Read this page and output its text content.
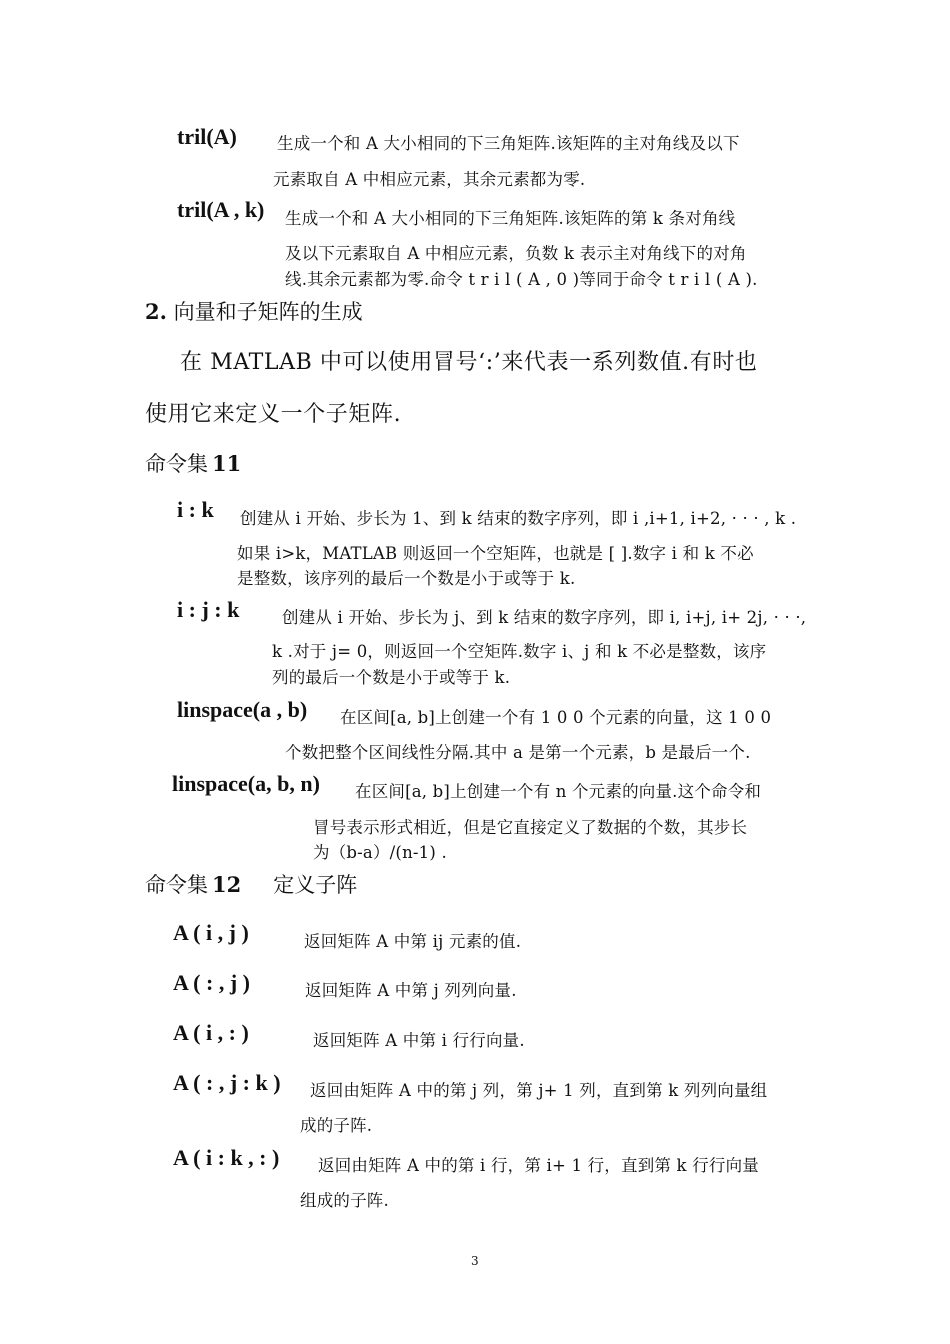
tril(A) 生成一个和 A 大小相同的下三角矩阵.该矩阵的主对角线及以下
元素取自 A 中相应元素，其余元素都为零.
tril(A , k) 生成一个和 A 大小相同的下三角矩阵.该矩阵的第 k 条对角线
及以下元素取自 A 中相应元素，负数 k 表示主对角线下的对角
线.其余元素都为零.命令 t r i l ( A , 0 )等同于命令 t r i l ( A ).
2. 向量和子矩阵的生成
在 MATLAB 中可以使用冒号‘:’来代表一系列数值.有时也
使用它来定义一个子矩阵.
命令集 11
i : k 创建从 i 开始、步长为 1、到 k 结束的数字序列，即 i ,i+1, i+2, · · · , k .
如果 i>k，MATLAB 则返回一个空矩阵，也就是 [ ].数字 i 和 k 不必
是整数，该序列的最后一个数是小于或等于 k.
i : j : k	创建从 i 开始、步长为 j、到 k 结束的数字序列，即 i, i+j, i+ 2j, · · ·,
k .对于 j= 0，则返回一个空矩阵.数字 i、j 和 k 不必是整数，该序
列的最后一个数是小于或等于 k.
linspace(a , b) 在区间[a, b]上创建一个有 1 0 0 个元素的向量，这 1 0 0
个数把整个区间线性分隔.其中 a 是第一个元素，b 是最后一个.
linspace(a, b, n) 在区间[a, b]上创建一个有 n 个元素的向量.这个命令和
冒号表示形式相近，但是它直接定义了数据的个数，其步长
为（b-a）/(n-1) .
命令集 12 定义子阵
A ( i , j )	返回矩阵 A 中第 ij 元素的值.
A ( : , j )	返回矩阵 A 中第 j 列列向量.
A ( i , : )	返回矩阵 A 中第 i 行行向量.
A ( : , j : k ) 返回由矩阵 A 中的第 j 列，第 j+ 1 列，直到第 k 列列向量组
成的子阵.
A ( i : k , : ) 返回由矩阵 A 中的第 i 行，第 i+ 1 行，直到第 k 行行向量
组成的子阵.
3
